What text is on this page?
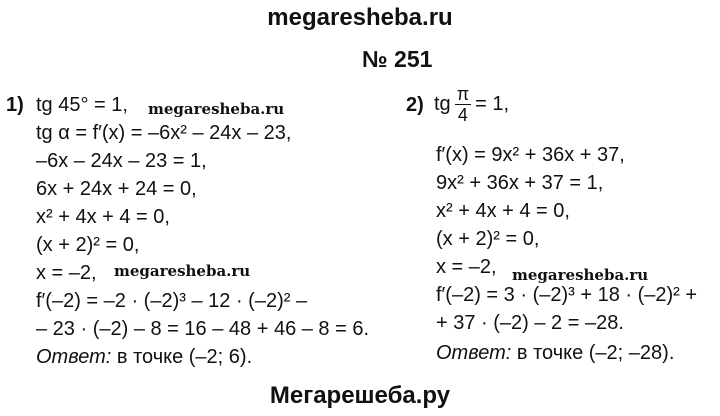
megaresheba.ru
№ 251
1) tg 45° = 1,
tg α = f′(x) = –6x² – 24x – 23,
–6x – 24x – 23 = 1,
6x + 24x + 24 = 0,
x² + 4x + 4 = 0,
(x + 2)² = 0,
x = –2,
f′(–2) = –2 · (–2)³ – 12 · (–2)² –
– 23 · (–2) – 8 = 16 – 48 + 46 – 8 = 6.
Ответ: в точке (–2; 6).
2) tg $\frac{\pi}{4} = 1$,
f′(x) = 9x² + 36x + 37,
9x² + 36x + 37 = 1,
x² + 4x + 4 = 0,
(x + 2)² = 0,
x = –2,
f′(–2) = 3 · (–2)³ + 18 · (–2)² +
+ 37 · (–2) – 2 = –28.
Ответ: в точке (–2; –28).
megaresheba.ru
megaresheba.ru	megaresheba.ru
Мегарешеба.ру
